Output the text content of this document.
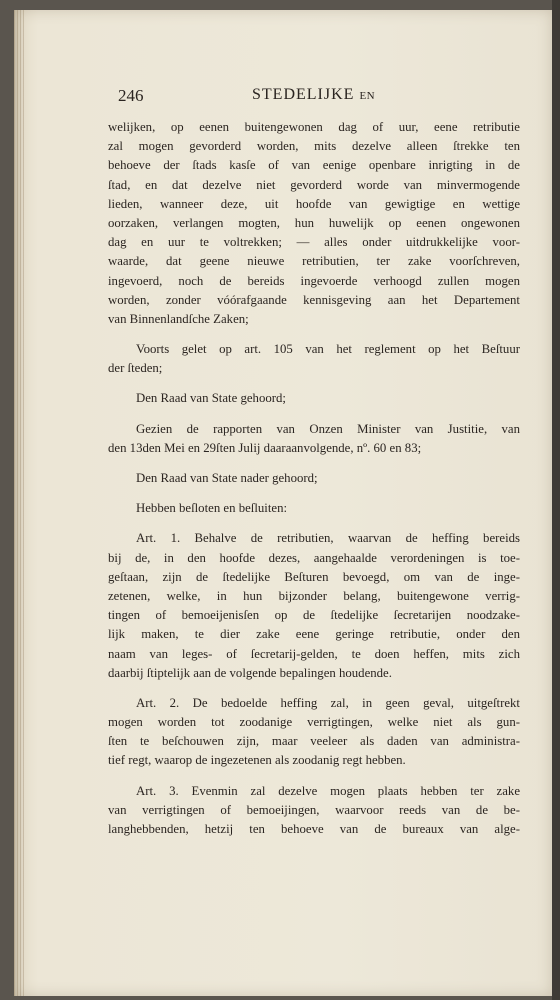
246	STEDELIJKE EN
welijken, op eenen buitengewonen dag of uur, eene retributie
zal mogen gevorderd worden, mits dezelve alleen ſtrekke ten
behoeve der ſtads kasſe of van eenige openbare inrigting in de
ſtad, en dat dezelve niet gevorderd worde van minvermogende
lieden, wanneer deze, uit hoofde van gewigtige en wettige
oorzaken, verlangen mogten, hun huwelijk op eenen ongewonen
dag en uur te voltrekken; — alles onder uitdrukkelijke voor-
waarde, dat geene nieuwe retributien, ter zake voorſchreven,
ingevoerd, noch de bereids ingevoerde verhoogd zullen mogen
worden, zonder vóórafgaande kennisgeving aan het Departement
van Binnenlandſche Zaken;
Voorts gelet op art. 105 van het reglement op het Beſtuur
der ſteden;
Den Raad van State gehoord;
Gezien de rapporten van Onzen Minister van Justitie, van
den 13den Mei en 29ſten Julij daaraanvolgende, nº. 60 en 83;
Den Raad van State nader gehoord;
Hebben beſloten en beſluiten:
Art. 1. Behalve de retributien, waarvan de heffing bereids
bij de, in den hoofde dezes, aangehaalde verordeningen is toe-
geſtaan, zijn de ſtedelijke Beſturen bevoegd, om van de inge-
zetenen, welke, in hun bijzonder belang, buitengewone verrig-
tingen of bemoeijenisſen op de ſtedelijke ſecretarijen noodzake-
lijk maken, te dier zake eene geringe retributie, onder den
naam van leges- of ſecretarij-gelden, te doen heffen, mits zich
daarbij ſtiptelijk aan de volgende bepalingen houdende.
Art. 2. De bedoelde heffing zal, in geen geval, uitgeſtrekt
mogen worden tot zoodanige verrigtingen, welke niet als gun-
ſten te beſchouwen zijn, maar veeleer als daden van administra-
tief regt, waarop de ingezetenen als zoodanig regt hebben.
Art. 3. Evenmin zal dezelve mogen plaats hebben ter zake
van verrigtingen of bemoeijingen, waarvoor reeds van de be-
langhebbenden, hetzij ten behoeve van de bureaux van alge-
